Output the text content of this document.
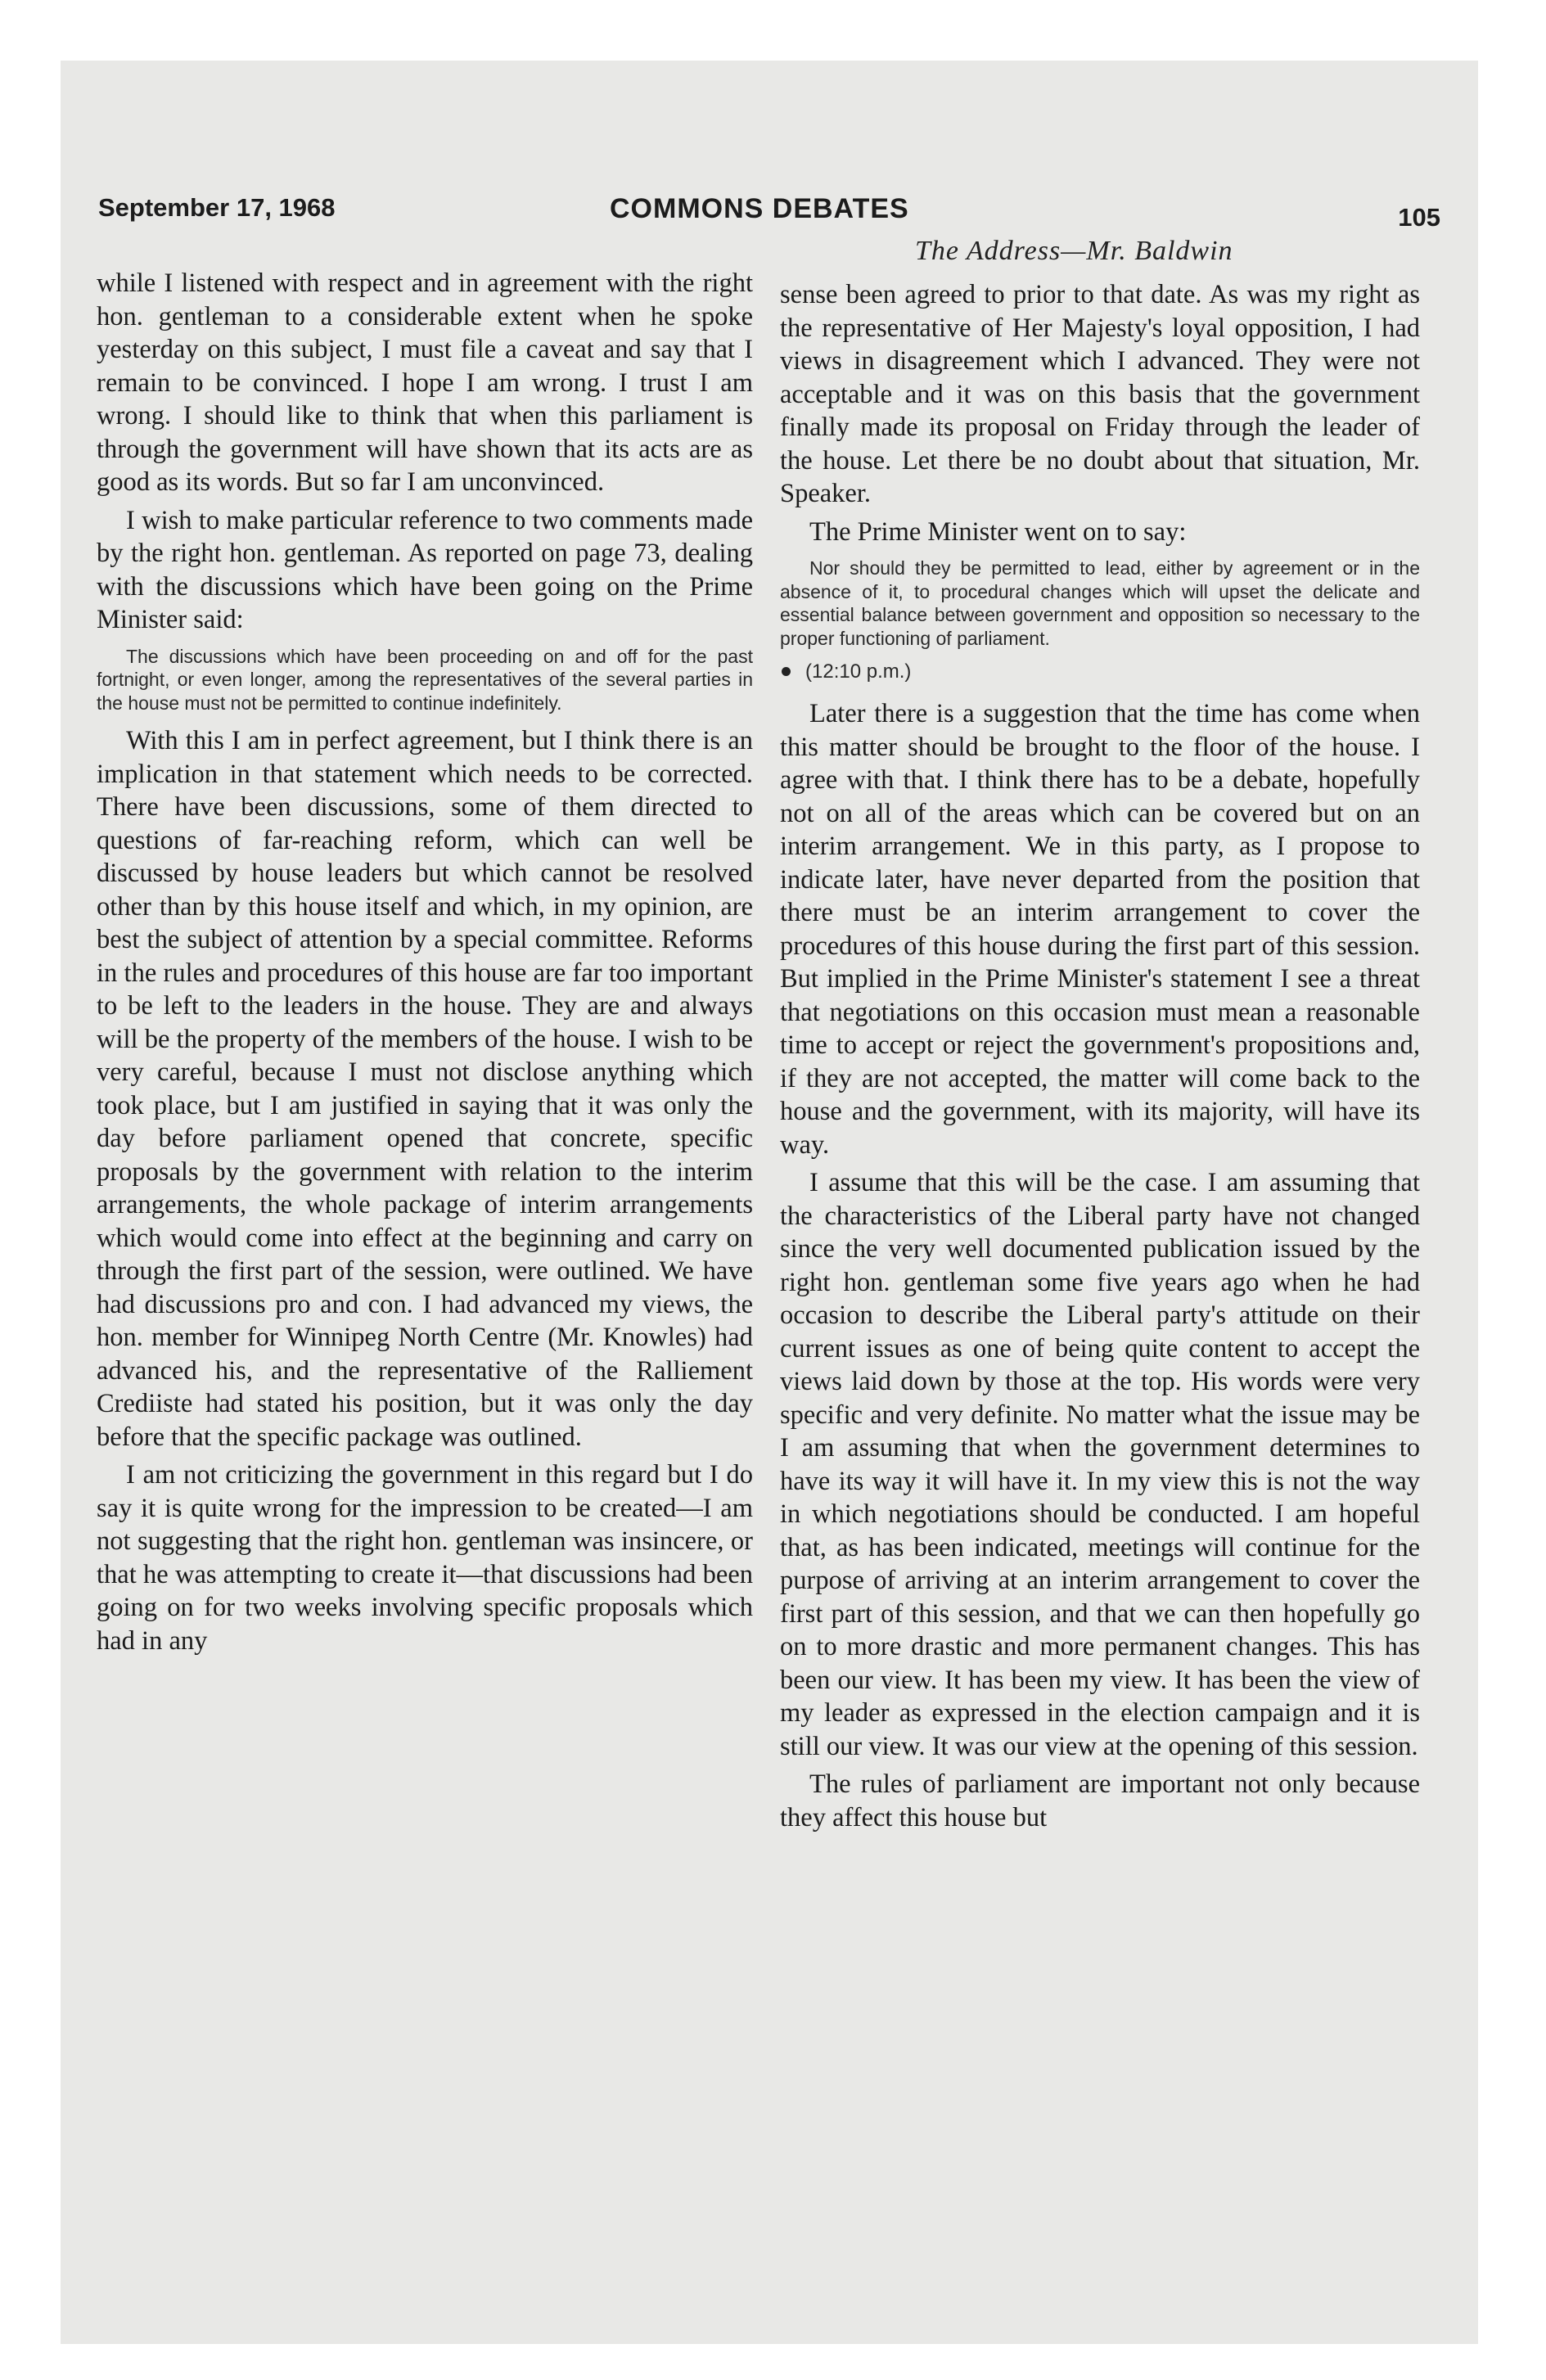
September 17, 1968	COMMONS DEBATES	105
The Address—Mr. Baldwin

while I listened with respect and in agreement with the right hon. gentleman to a considerable extent when he spoke yesterday on this subject, I must file a caveat and say that I remain to be convinced. I hope I am wrong. I trust I am wrong. I should like to think that when this parliament is through the government will have shown that its acts are as good as its words. But so far I am unconvinced.

I wish to make particular reference to two comments made by the right hon. gentleman. As reported on page 73, dealing with the discussions which have been going on the Prime Minister said:

The discussions which have been proceeding on and off for the past fortnight, or even longer, among the representatives of the several parties in the house must not be permitted to continue indefinitely.

With this I am in perfect agreement, but I think there is an implication in that statement which needs to be corrected. There have been discussions, some of them directed to questions of far-reaching reform, which can well be discussed by house leaders but which cannot be resolved other than by this house itself and which, in my opinion, are best the subject of attention by a special committee. Reforms in the rules and procedures of this house are far too important to be left to the leaders in the house. They are and always will be the property of the members of the house. I wish to be very careful, because I must not disclose anything which took place, but I am justified in saying that it was only the day before parliament opened that concrete, specific proposals by the government with relation to the interim arrangements, the whole package of interim arrangements which would come into effect at the beginning and carry on through the first part of the session, were outlined. We have had discussions pro and con. I had advanced my views, the hon. member for Winnipeg North Centre (Mr. Knowles) had advanced his, and the representative of the Ralliement Crediiste had stated his position, but it was only the day before that the specific package was outlined.

I am not criticizing the government in this regard but I do say it is quite wrong for the impression to be created—I am not suggesting that the right hon. gentleman was insincere, or that he was attempting to create it—that discussions had been going on for two weeks involving specific proposals which had in any

sense been agreed to prior to that date. As was my right as the representative of Her Majesty's loyal opposition, I had views in disagreement which I advanced. They were not acceptable and it was on this basis that the government finally made its proposal on Friday through the leader of the house. Let there be no doubt about that situation, Mr. Speaker.

The Prime Minister went on to say:

Nor should they be permitted to lead, either by agreement or in the absence of it, to procedural changes which will upset the delicate and essential balance between government and opposition so necessary to the proper functioning of parliament.

(12:10 p.m.)

Later there is a suggestion that the time has come when this matter should be brought to the floor of the house. I agree with that. I think there has to be a debate, hopefully not on all of the areas which can be covered but on an interim arrangement. We in this party, as I propose to indicate later, have never departed from the position that there must be an interim arrangement to cover the procedures of this house during the first part of this session. But implied in the Prime Minister's statement I see a threat that negotiations on this occasion must mean a reasonable time to accept or reject the government's propositions and, if they are not accepted, the matter will come back to the house and the government, with its majority, will have its way.

I assume that this will be the case. I am assuming that the characteristics of the Liberal party have not changed since the very well documented publication issued by the right hon. gentleman some five years ago when he had occasion to describe the Liberal party's attitude on their current issues as one of being quite content to accept the views laid down by those at the top. His words were very specific and very definite. No matter what the issue may be I am assuming that when the government determines to have its way it will have it. In my view this is not the way in which negotiations should be conducted. I am hopeful that, as has been indicated, meetings will continue for the purpose of arriving at an interim arrangement to cover the first part of this session, and that we can then hopefully go on to more drastic and more permanent changes. This has been our view. It has been my view. It has been the view of my leader as expressed in the election campaign and it is still our view. It was our view at the opening of this session.

The rules of parliament are important not only because they affect this house but
